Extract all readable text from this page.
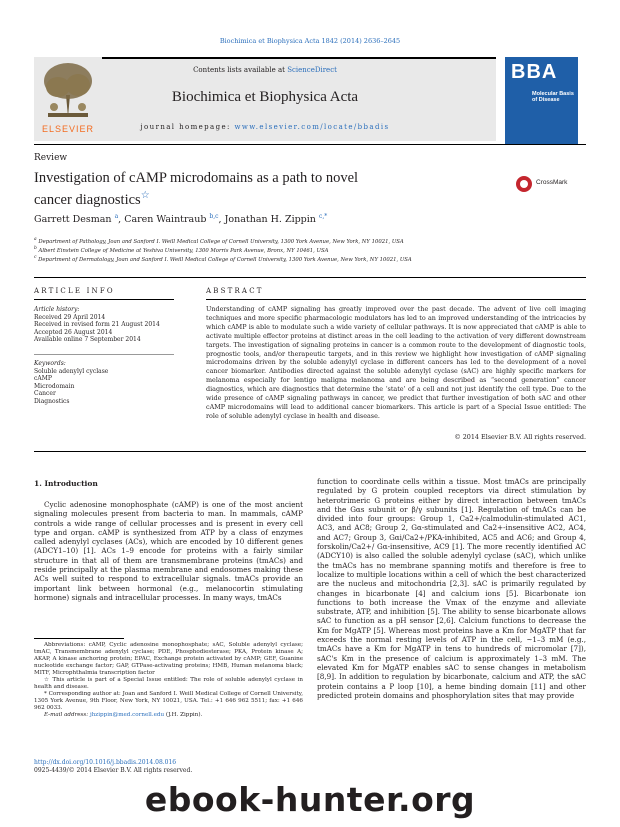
Biochimica et Biophysica Acta 1842 (2014) 2636–2645
ELSEVIER
Contents lists available at ScienceDirect
Biochimica et Biophysica Acta
journal homepage: www.elsevier.com/locate/bbadis
BBA
Molecular Basis of Disease
Review
Investigation of cAMP microdomains as a path to novel
cancer diagnostics☆
CrossMark
Garrett Desman $^a$, Caren Waintraub $^{b,c}$, Jonathan H. Zippin $^{c,*}$
$^a$ Department of Pathology, Joan and Sanford I. Weill Medical College of Cornell University, 1300 York Avenue, New York, NY 10021, USA
$^b$ Albert Einstein College of Medicine at Yeshiva University, 1300 Morris Park Avenue, Bronx, NY 10461, USA
$^c$ Department of Dermatology, Joan and Sanford I. Weill Medical College of Cornell University, 1300 York Avenue, New York, NY 10021, USA
ARTICLE INFO
Article history:
Received 29 April 2014
Received in revised form 21 August 2014
Accepted 26 August 2014
Available online 7 September 2014
Keywords:
Soluble adenylyl cyclase
cAMP
Microdomain
Cancer
Diagnostics
ABSTRACT
Understanding of cAMP signaling has greatly improved over the past decade. The advent of live cell imaging techniques and more specific pharmacologic modulators has led to an improved understanding of the intricacies by which cAMP is able to modulate such a wide variety of cellular pathways. It is now appreciated that cAMP is able to activate multiple effector proteins at distinct areas in the cell leading to the activation of very different downstream targets. The investigation of signaling proteins in cancer is a common route to the development of diagnostic tools, prognostic tools, and/or therapeutic targets, and in this review we highlight how investigation of cAMP signaling microdomains driven by the soluble adenylyl cyclase in different cancers has led to the development of a novel cancer biomarker. Antibodies directed against the soluble adenylyl cyclase (sAC) are highly specific markers for melanoma especially for lentigo maligna melanoma and are being described as “second generation” cancer diagnostics, which are diagnostics that determine the ‘state’ of a cell and not just identify the cell type. Due to the wide presence of cAMP signaling pathways in cancer, we predict that further investigation of both sAC and other cAMP microdomains will lead to additional cancer biomarkers. This article is part of a Special Issue entitled: The role of soluble adenylyl cyclase in health and disease.
© 2014 Elsevier B.V. All rights reserved.
1. Introduction

Cyclic adenosine monophosphate (cAMP) is one of the most ancient signaling molecules present from bacteria to man. In mammals, cAMP controls a wide range of cellular processes and is present in every cell type and organ. cAMP is synthesized from ATP by a class of enzymes called adenylyl cyclases (ACs), which are encoded by 10 different genes (ADCY1–10) [1]. ACs 1–9 encode for proteins with a fairly similar structure in that all of them are transmembrane proteins (tmACs) and reside principally at the plasma membrane and endosomes making these ACs well suited to respond to extracellular signals. tmACs provide an important link between hormonal (e.g., melanocortin stimulating hormone) signals and intracellular processes. In many ways, tmACs

function to coordinate cells within a tissue. Most tmACs are principally regulated by G protein coupled receptors via direct stimulation by heterotrimeric G proteins either by direct interaction between tmACs and the Gαs subunit or β/γ subunits [1]. Regulation of tmACs can be divided into four groups: Group 1, Ca2+/calmodulin-stimulated AC1, AC3, and AC8; Group 2, Gα-stimulated and Ca2+-insensitive AC2, AC4, and AC7; Group 3, Gαi/Ca2+/PKA-inhibited, AC5 and AC6; and Group 4, forskolin/Ca2+/ Gα-insensitive, AC9 [1]. The more recently identified AC (ADCY10) is also called the soluble adenylyl cyclase (sAC), which unlike the tmACs has no membrane spanning motifs and therefore is free to localize to multiple locations within a cell of which the best characterized are the nucleus and mitochondria [2,3]. sAC is primarily regulated by changes in bicarbonate [4] and calcium ions [5]. Bicarbonate ion functions to both increase the Vmax of the enzyme and alleviate substrate, ATP, and inhibition [5]. The ability to sense bicarbonate allows sAC to function as a pH sensor [2,6]. Calcium functions to decrease the Km for MgATP [5]. Whereas most proteins have a Km for MgATP that far exceeds the normal resting levels of ATP in the cell, ~1–3 mM (e.g., tmACs have a Km for MgATP in tens to hundreds of micromolar [7]), sAC's Km in the presence of calcium is approximately 1–3 mM. The elevated Km for MgATP enables sAC to sense changes in metabolism [8,9]. In addition to regulation by bicarbonate, calcium and ATP, the sAC protein contains a P loop [10], a heme binding domain [11] and other predicted protein domains and phosphorylation sites that may provide

Abbreviations: cAMP, Cyclic adenosine monophosphate; sAC, Soluble adenylyl cyclase; tmAC, Transmembrane adenylyl cyclase; PDE, Phosphodiesterase; PKA, Protein kinase A; AKAP, A kinase anchoring protein; EPAC, Exchange protein activated by cAMP; GEF, Guanine nucleotide exchange factor; GAP, GTPase-activating proteins; HMB, Human melanoma black; MITF, Microphthalmia transcription factor
☆ This article is part of a Special Issue entitled: The role of soluble adenylyl cyclase in health and disease.
* Corresponding author at: Joan and Sanford I. Weill Medical College of Cornell University, 1305 York Avenue, 9th Floor, New York, NY 10021, USA. Tel.: +1 646 962 5511; fax: +1 646 962 0033.
E-mail address: jhzippin@med.cornell.edu (J.H. Zippin).
http://dx.doi.org/10.1016/j.bbadis.2014.08.016
0925-4439/© 2014 Elsevier B.V. All rights reserved.
ebook-hunter.org
